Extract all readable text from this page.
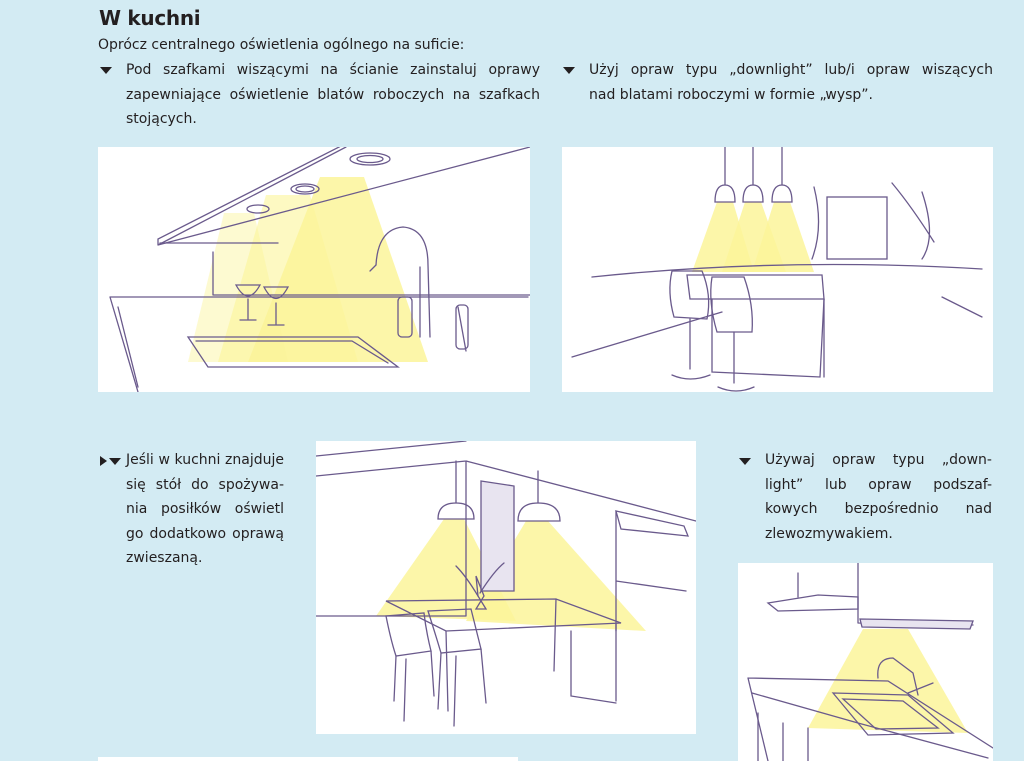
W kuchni
Oprócz centralnego oświetlenia ogólnego na suficie:
Pod szafkami wiszącymi na ścianie zainstaluj oprawy
zapewniające oświetlenie blatów roboczych na szafkach
stojących.
Użyj opraw typu „downlight” lub/i opraw wiszących
nad blatami roboczymi w formie „wysp”.
Jeśli w kuchni znajduje
się stół do spożywa-
nia posiłków oświetl
go dodatkowo oprawą
zwieszaną.
Używaj opraw typu „down-
light” lub opraw podszaf-
kowych bezpośrednio nad
zlewozmywakiem.
